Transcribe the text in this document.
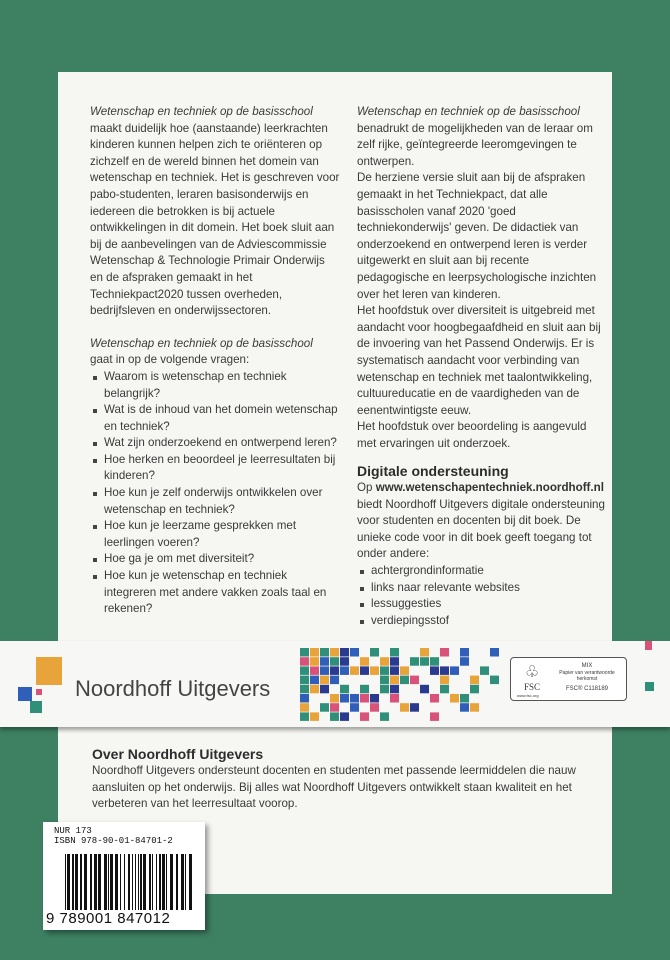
Wetenschap en techniek op de basisschool
maakt duidelijk hoe (aanstaande) leerkrachten kinderen kunnen helpen zich te oriënteren op zichzelf en de wereld binnen het domein van wetenschap en techniek. Het is geschreven voor pabo-studenten, leraren basisonderwijs en iedereen die betrokken is bij actuele ontwikkelingen in dit domein. Het boek sluit aan bij de aanbevelingen van de Adviescommissie Wetenschap & Technologie Primair Onderwijs en de afspraken gemaakt in het Techniekpact2020 tussen overheden, bedrijfsleven en onderwijssectoren.

Wetenschap en techniek op de basisschool
gaat in op de volgende vragen:

Waarom is wetenschap en techniek belangrijk?
Wat is de inhoud van het domein wetenschap en techniek?
Wat zijn onderzoekend en ontwerpend leren?
Hoe herken en beoordeel je leerresultaten bij kinderen?
Hoe kun je zelf onderwijs ontwikkelen over wetenschap en techniek?
Hoe kun je leerzame gesprekken met leerlingen voeren?
Hoe ga je om met diversiteit?
Hoe kun je wetenschap en techniek integreren met andere vakken zoals taal en rekenen?

Wetenschap en techniek op de basisschool
benadrukt de mogelijkheden van de leraar om zelf rijke, geïntegreerde leeromgevingen te ontwerpen.

De herziene versie sluit aan bij de afspraken gemaakt in het Techniekpact, dat alle basisscholen vanaf 2020 'goed techniekonderwijs' geven. De didactiek van onderzoekend en ontwerpend leren is verder uitgewerkt en sluit aan bij recente pedagogische en leerpsychologische inzichten over het leren van kinderen.

Het hoofdstuk over diversiteit is uitgebreid met aandacht voor hoogbegaafdheid en sluit aan bij de invoering van het Passend Onderwijs. Er is systematisch aandacht voor verbinding van wetenschap en techniek met taalontwikkeling, cultuureducatie en de vaardigheden van de eenentwintigste eeuw.

Het hoofdstuk over beoordeling is aangevuld met ervaringen uit onderzoek.

Digitale ondersteuning

Op www.wetenschapentechniek.noordhoff.nl biedt Noordhoff Uitgevers digitale ondersteuning voor studenten en docenten bij dit boek. De unieke code voor in dit boek geeft toegang tot onder andere:

achtergrondinformatie
links naar relevante websites
lessuggesties
verdiepingsstof
Noordhoff Uitgevers
♧
FSC
www.fsc.org
MIX
Papier van verantwoorde herkomst
FSC® C118189
Over Noordhoff Uitgevers

Noordhoff Uitgevers ondersteunt docenten en studenten met passende leermiddelen die nauw aansluiten op het onderwijs. Bij alles wat Noordhoff Uitgevers ontwikkelt staan kwaliteit en het verbeteren van het leerresultaat voorop.

NUR 173
ISBN 978-90-01-84701-2
9 789001 847012
